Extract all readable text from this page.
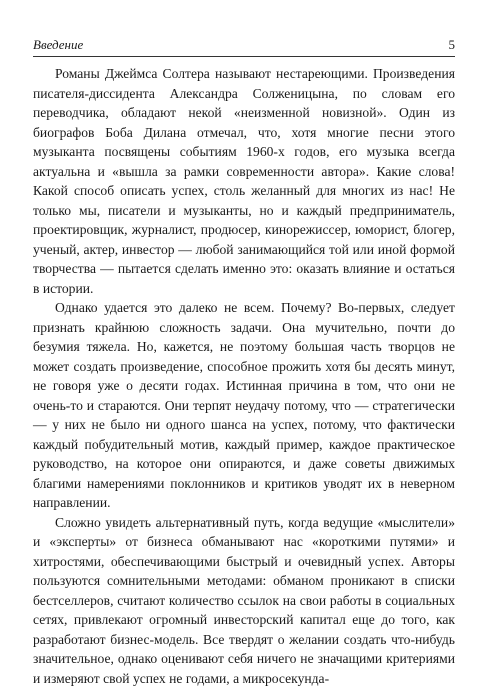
Введение	5

Романы Джеймса Солтера называют нестареющими. Произведения писателя-диссидента Александра Солженицына, по словам его переводчика, обладают некой «неизменной новизной». Один из биографов Боба Дилана отмечал, что, хотя многие песни этого музыканта посвящены событиям 1960-х годов, его музыка всегда актуальна и «вышла за рамки современности автора». Какие слова! Какой способ описать успех, столь желанный для многих из нас! Не только мы, писатели и музыканты, но и каждый предприниматель, проектировщик, журналист, продюсер, кинорежиссер, юморист, блогер, ученый, актер, инвестор — любой занимающийся той или иной формой творчества — пытается сделать именно это: оказать влияние и остаться в истории.

Однако удается это далеко не всем. Почему? Во-первых, следует признать крайнюю сложность задачи. Она мучительно, почти до безумия тяжела. Но, кажется, не поэтому большая часть творцов не может создать произведение, способное прожить хотя бы десять минут, не говоря уже о десяти годах. Истинная причина в том, что они не очень-то и стараются. Они терпят неудачу потому, что — стратегически — у них не было ни одного шанса на успех, потому, что фактически каждый побудительный мотив, каждый пример, каждое практическое руководство, на которое они опираются, и даже советы движимых благими намерениями поклонников и критиков уводят их в неверном направлении.

Сложно увидеть альтернативный путь, когда ведущие «мыслители» и «эксперты» от бизнеса обманывают нас «короткими путями» и хитростями, обеспечивающими быстрый и очевидный успех. Авторы пользуются сомнительными методами: обманом проникают в списки бестселлеров, считают количество ссылок на свои работы в социальных сетях, привлекают огромный инвесторский капитал еще до того, как разработают бизнес-модель. Все твердят о желании создать что-нибудь значительное, однако оценивают себя ничего не значащими критериями и измеряют свой успех не годами, а микросекунда-
